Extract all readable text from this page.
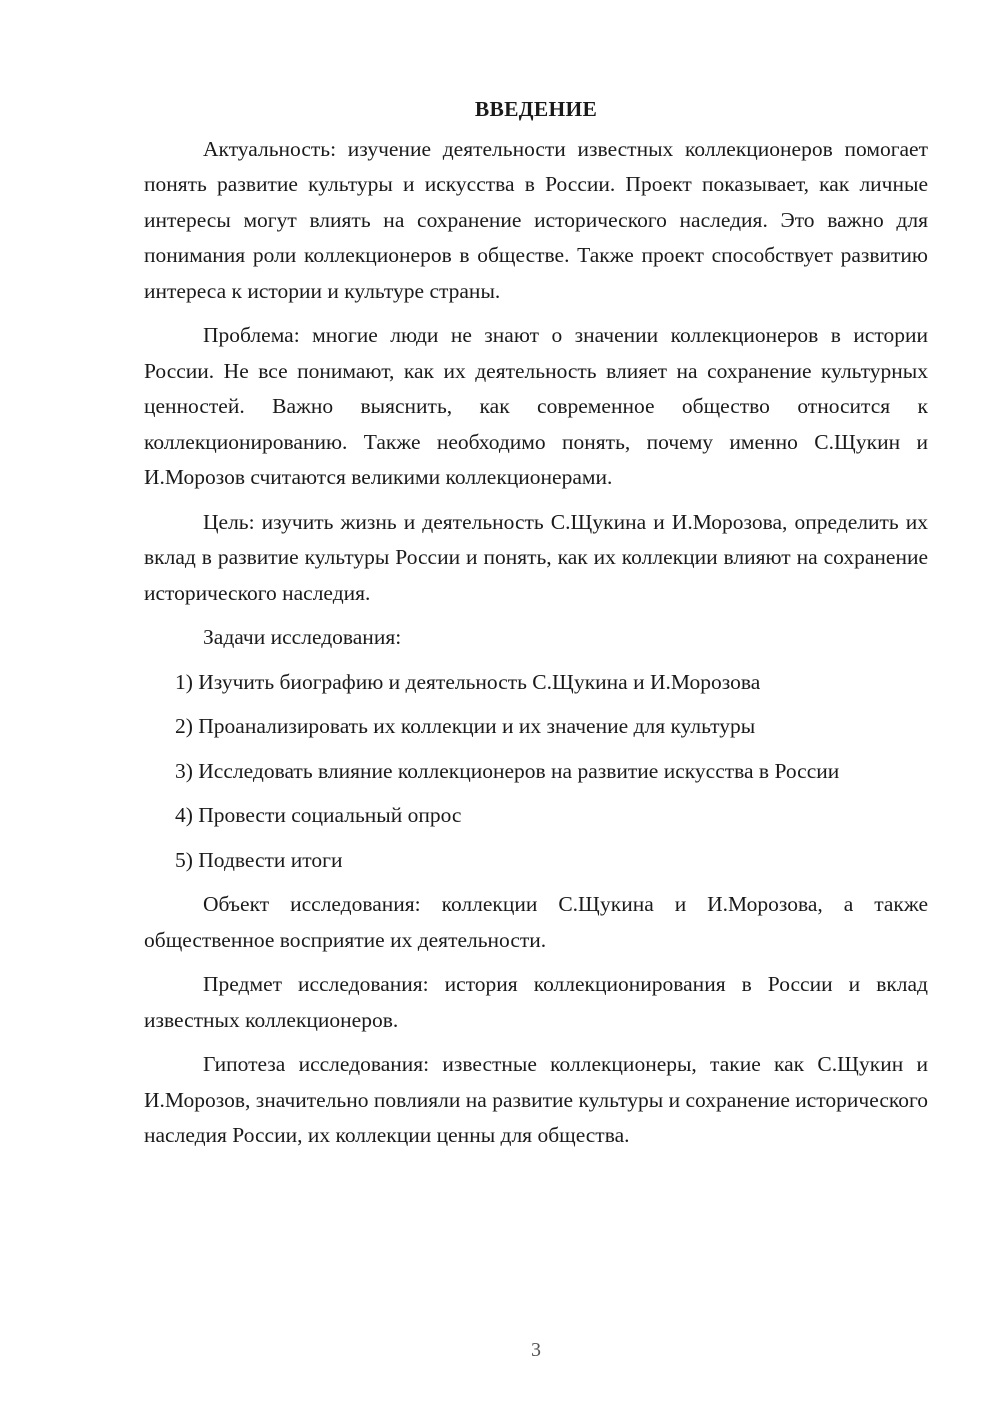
ВВЕДЕНИЕ

Актуальность: изучение деятельности известных коллекционеров помогает понять развитие культуры и искусства в России. Проект показывает, как личные интересы могут влиять на сохранение исторического наследия. Это важно для понимания роли коллекционеров в обществе. Также проект способствует развитию интереса к истории и культуре страны.

Проблема: многие люди не знают о значении коллекционеров в истории России. Не все понимают, как их деятельность влияет на сохранение культурных ценностей. Важно выяснить, как современное общество относится к коллекционированию. Также необходимо понять, почему именно С.Щукин и И.Морозов считаются великими коллекционерами.

Цель: изучить жизнь и деятельность С.Щукина и И.Морозова, определить их вклад в развитие культуры России и понять, как их коллекции влияют на сохранение исторического наследия.

Задачи исследования:

1) Изучить биографию и деятельность С.Щукина и И.Морозова

2) Проанализировать их коллекции и их значение для культуры

3) Исследовать влияние коллекционеров на развитие искусства в России

4) Провести социальный опрос

5) Подвести итоги

Объект исследования: коллекции С.Щукина и И.Морозова, а также общественное восприятие их деятельности.

Предмет исследования: история коллекционирования в России и вклад известных коллекционеров.

Гипотеза исследования: известные коллекционеры, такие как С.Щукин и И.Морозов, значительно повлияли на развитие культуры и сохранение исторического наследия России, их коллекции ценны для общества.

3
